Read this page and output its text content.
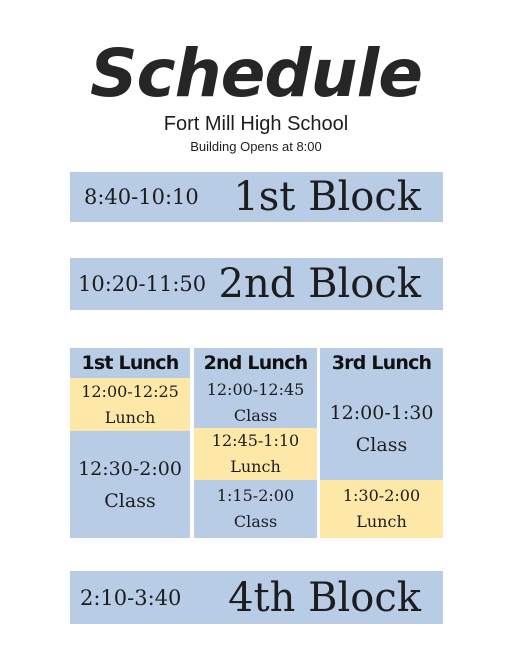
Schedule
Fort Mill High School
Building Opens at 8:00
8:40-10:10 1st Block
10:20-11:50 2nd Block
1st Lunch	2nd Lunch	3rd Lunch
12:00-12:25
Lunch
12:30-2:00
Class
12:00-12:45
Class
12:45-1:10
Lunch
1:15-2:00
Class
12:00-1:30
Class
1:30-2:00
Lunch
2:10-3:40 4th Block
